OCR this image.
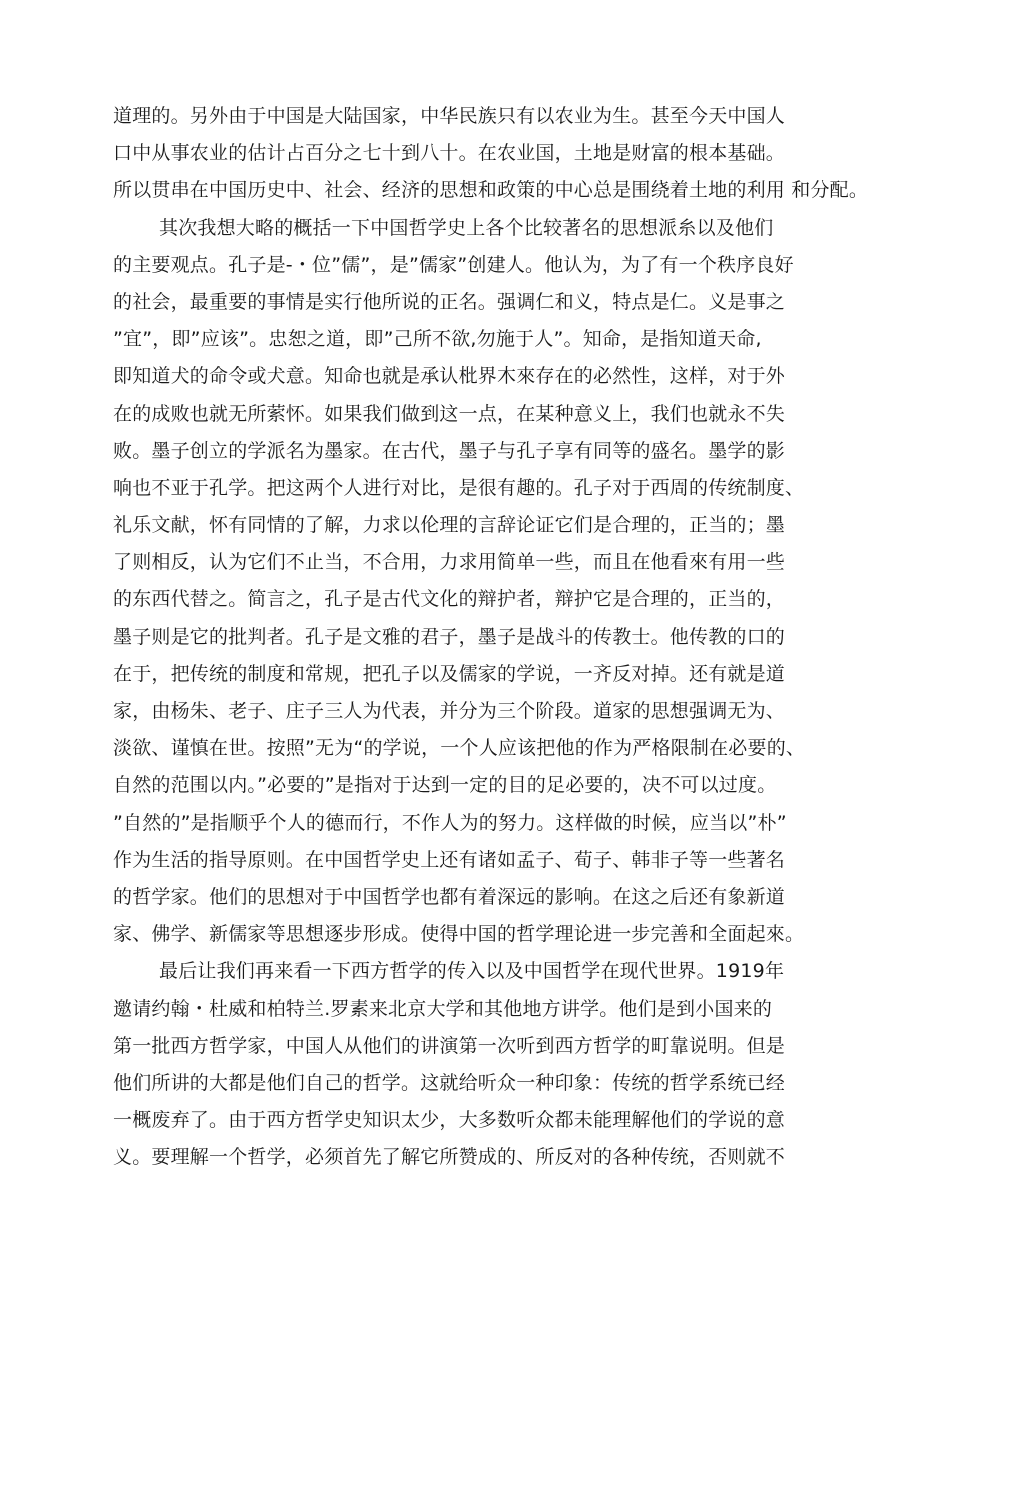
道理的。另外由于中国是大陆国家，中华民族只有以农业为生。甚至今天中国人
口中从事农业的估计占百分之七十到八十。在农业国，土地是财富的根本基础。
所以贯串在中国历史中、社会、经济的思想和政策的中心总是围绕着土地的利用 和分配。
其次我想大略的概括一下中国哲学史上各个比较著名的思想派糸以及他们
的主要观点。孔子是-・位”儒”，是”儒家”创建人。他认为，为了有一个秩序良好
的社会，最重要的事情是实行他所说的正名。强调仁和义，特点是仁。义是事之
”宜”，即”应该”。忠恕之道，即”己所不欲,勿施于人”。知命，是指知道天命,
即知道犬的命令或犬意。知命也就是承认枇界木來存在的必然性，这样，对于外
在的成败也就无所萦怀。如果我们做到这一点，在某种意义上，我们也就永不失
败。墨子创立的学派名为墨家。在古代，墨子与孔子享有同等的盛名。墨学的影
响也不亚于孔学。把这两个人进行对比，是很有趣的。孔子对于西周的传统制度、
礼乐文献，怀有同情的了解，力求以伦理的言辞论证它们是合理的，正当的；墨
了则相反，认为它们不止当，不合用，力求用简单一些，而且在他看來有用一些
的东西代替之。简言之，孔子是古代文化的辩护者，辩护它是合理的，正当的，
墨子则是它的批判者。孔子是文雅的君子，墨子是战斗的传教士。他传教的口的
在于，把传统的制度和常规，把孔子以及儒家的学说，一齐反对掉。还有就是道
家，由杨朱、老子、庄子三人为代表，并分为三个阶段。道家的思想强调无为、
淡欲、谨慎在世。按照”无为“的学说，一个人应该把他的作为严格限制在必要的、
自然的范围以内。”必要的”是指对于达到一定的目的足必要的，决不可以过度。
”自然的”是指顺乎个人的德而行，不作人为的努力。这样做的时候，应当以”朴”
作为生活的指导原则。在中国哲学史上还有诸如孟子、荀子、韩非子等一些著名
的哲学家。他们的思想对于中国哲学也都有着深远的影响。在这之后还有象新道
家、佛学、新儒家等思想逐步形成。使得中国的哲学理论进一步完善和全面起來。
最后让我们再来看一下西方哲学的传入以及中国哲学在现代世界。1919年
邀请约翰・杜威和柏特兰.罗素来北京大学和其他地方讲学。他们是到小国来的
第一批西方哲学家，中国人从他们的讲演第一次听到西方哲学的町靠说明。但是
他们所讲的大都是他们自己的哲学。这就给听众一种印象：传统的哲学系统已经
一概废弃了。由于西方哲学史知识太少，大多数听众都未能理解他们的学说的意
义。要理解一个哲学，必须首先了解它所赞成的、所反对的各种传统，否则就不
